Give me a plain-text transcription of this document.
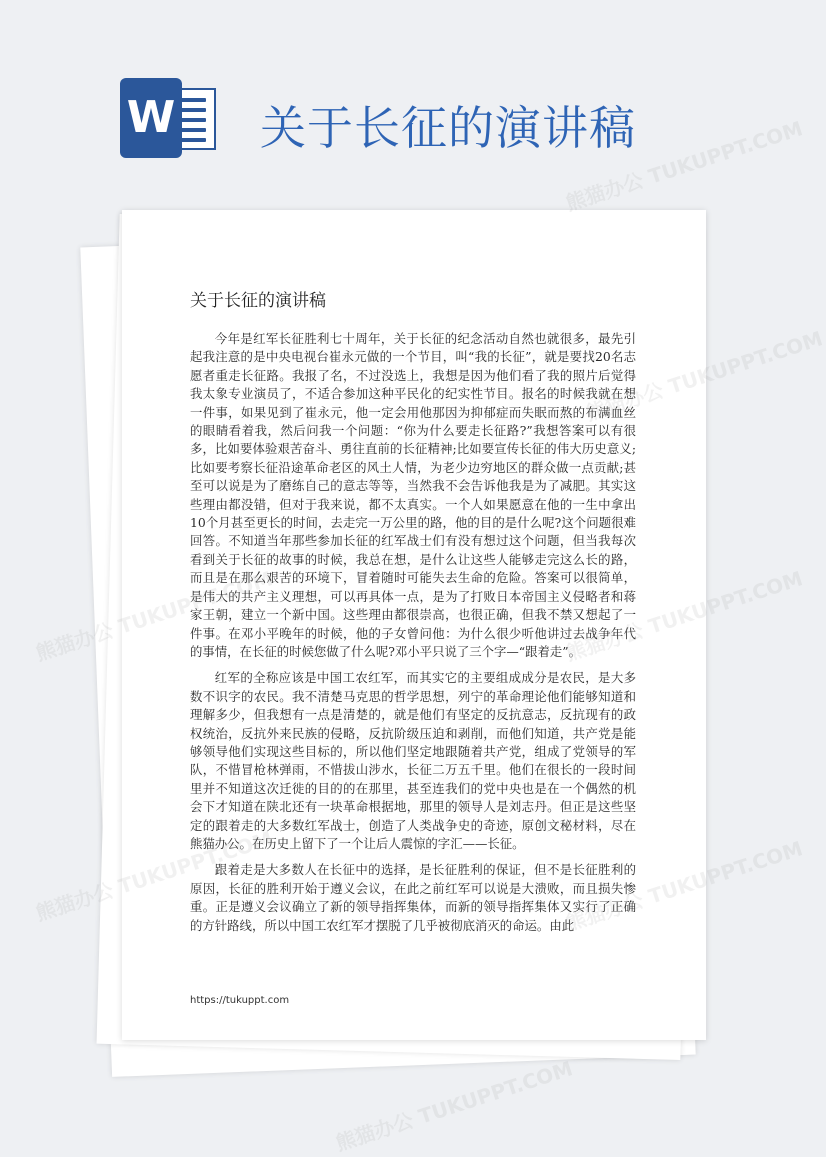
W 关于长征的演讲稿
关于长征的演讲稿

今年是红军长征胜利七十周年，关于长征的纪念活动自然也就很多，最先引起我注意的是中央电视台崔永元做的一个节目，叫“我的长征”，就是要找20名志愿者重走长征路。我报了名，不过没选上，我想是因为他们看了我的照片后觉得我太象专业演员了，不适合参加这种平民化的纪实性节目。报名的时候我就在想一件事，如果见到了崔永元，他一定会用他那因为抑郁症而失眠而熬的布满血丝的眼睛看着我，然后问我一个问题：“你为什么要走长征路?”我想答案可以有很多，比如要体验艰苦奋斗、勇往直前的长征精神;比如要宣传长征的伟大历史意义;比如要考察长征沿途革命老区的风土人情，为老少边穷地区的群众做一点贡献;甚至可以说是为了磨练自己的意志等等，当然我不会告诉他我是为了减肥。其实这些理由都没错，但对于我来说，都不太真实。一个人如果愿意在他的一生中拿出10个月甚至更长的时间，去走完一万公里的路，他的目的是什么呢?这个问题很难回答。不知道当年那些参加长征的红军战士们有没有想过这个问题，但当我每次看到关于长征的故事的时候，我总在想，是什么让这些人能够走完这么长的路，而且是在那么艰苦的环境下，冒着随时可能失去生命的危险。答案可以很简单，是伟大的共产主义理想，可以再具体一点，是为了打败日本帝国主义侵略者和蒋家王朝，建立一个新中国。这些理由都很崇高，也很正确，但我不禁又想起了一件事。在邓小平晚年的时候，他的子女曾问他：为什么很少听他讲过去战争年代的事情，在长征的时候您做了什么呢?邓小平只说了三个字—“跟着走”。

红军的全称应该是中国工农红军，而其实它的主要组成成分是农民，是大多数不识字的农民。我不清楚马克思的哲学思想，列宁的革命理论他们能够知道和理解多少，但我想有一点是清楚的，就是他们有坚定的反抗意志，反抗现有的政权统治，反抗外来民族的侵略，反抗阶级压迫和剥削，而他们知道，共产党是能够领导他们实现这些目标的，所以他们坚定地跟随着共产党，组成了党领导的军队，不惜冒枪林弹雨，不惜拔山涉水，长征二万五千里。他们在很长的一段时间里并不知道这次迁徙的目的的在那里，甚至连我们的党中央也是在一个偶然的机会下才知道在陕北还有一块革命根据地，那里的领导人是刘志丹。但正是这些坚定的跟着走的大多数红军战士，创造了人类战争史的奇迹，原创文秘材料，尽在熊猫办公。在历史上留下了一个让后人震惊的字汇——长征。

跟着走是大多数人在长征中的选择，是长征胜利的保证，但不是长征胜利的原因，长征的胜利开始于遵义会议，在此之前红军可以说是大溃败，而且损失惨重。正是遵义会议确立了新的领导指挥集体，而新的领导指挥集体又实行了正确的方针路线，所以中国工农红军才摆脱了几乎被彻底消灭的命运。由此

https://tukuppt.com
熊猫办公 TUKUPPT.COM
TUKUPPT.COM
熊猫办公
TUKUPPT.COM
熊猫办公	TUKUPPT.COM
熊猫办公 TUKUPPT.COM
